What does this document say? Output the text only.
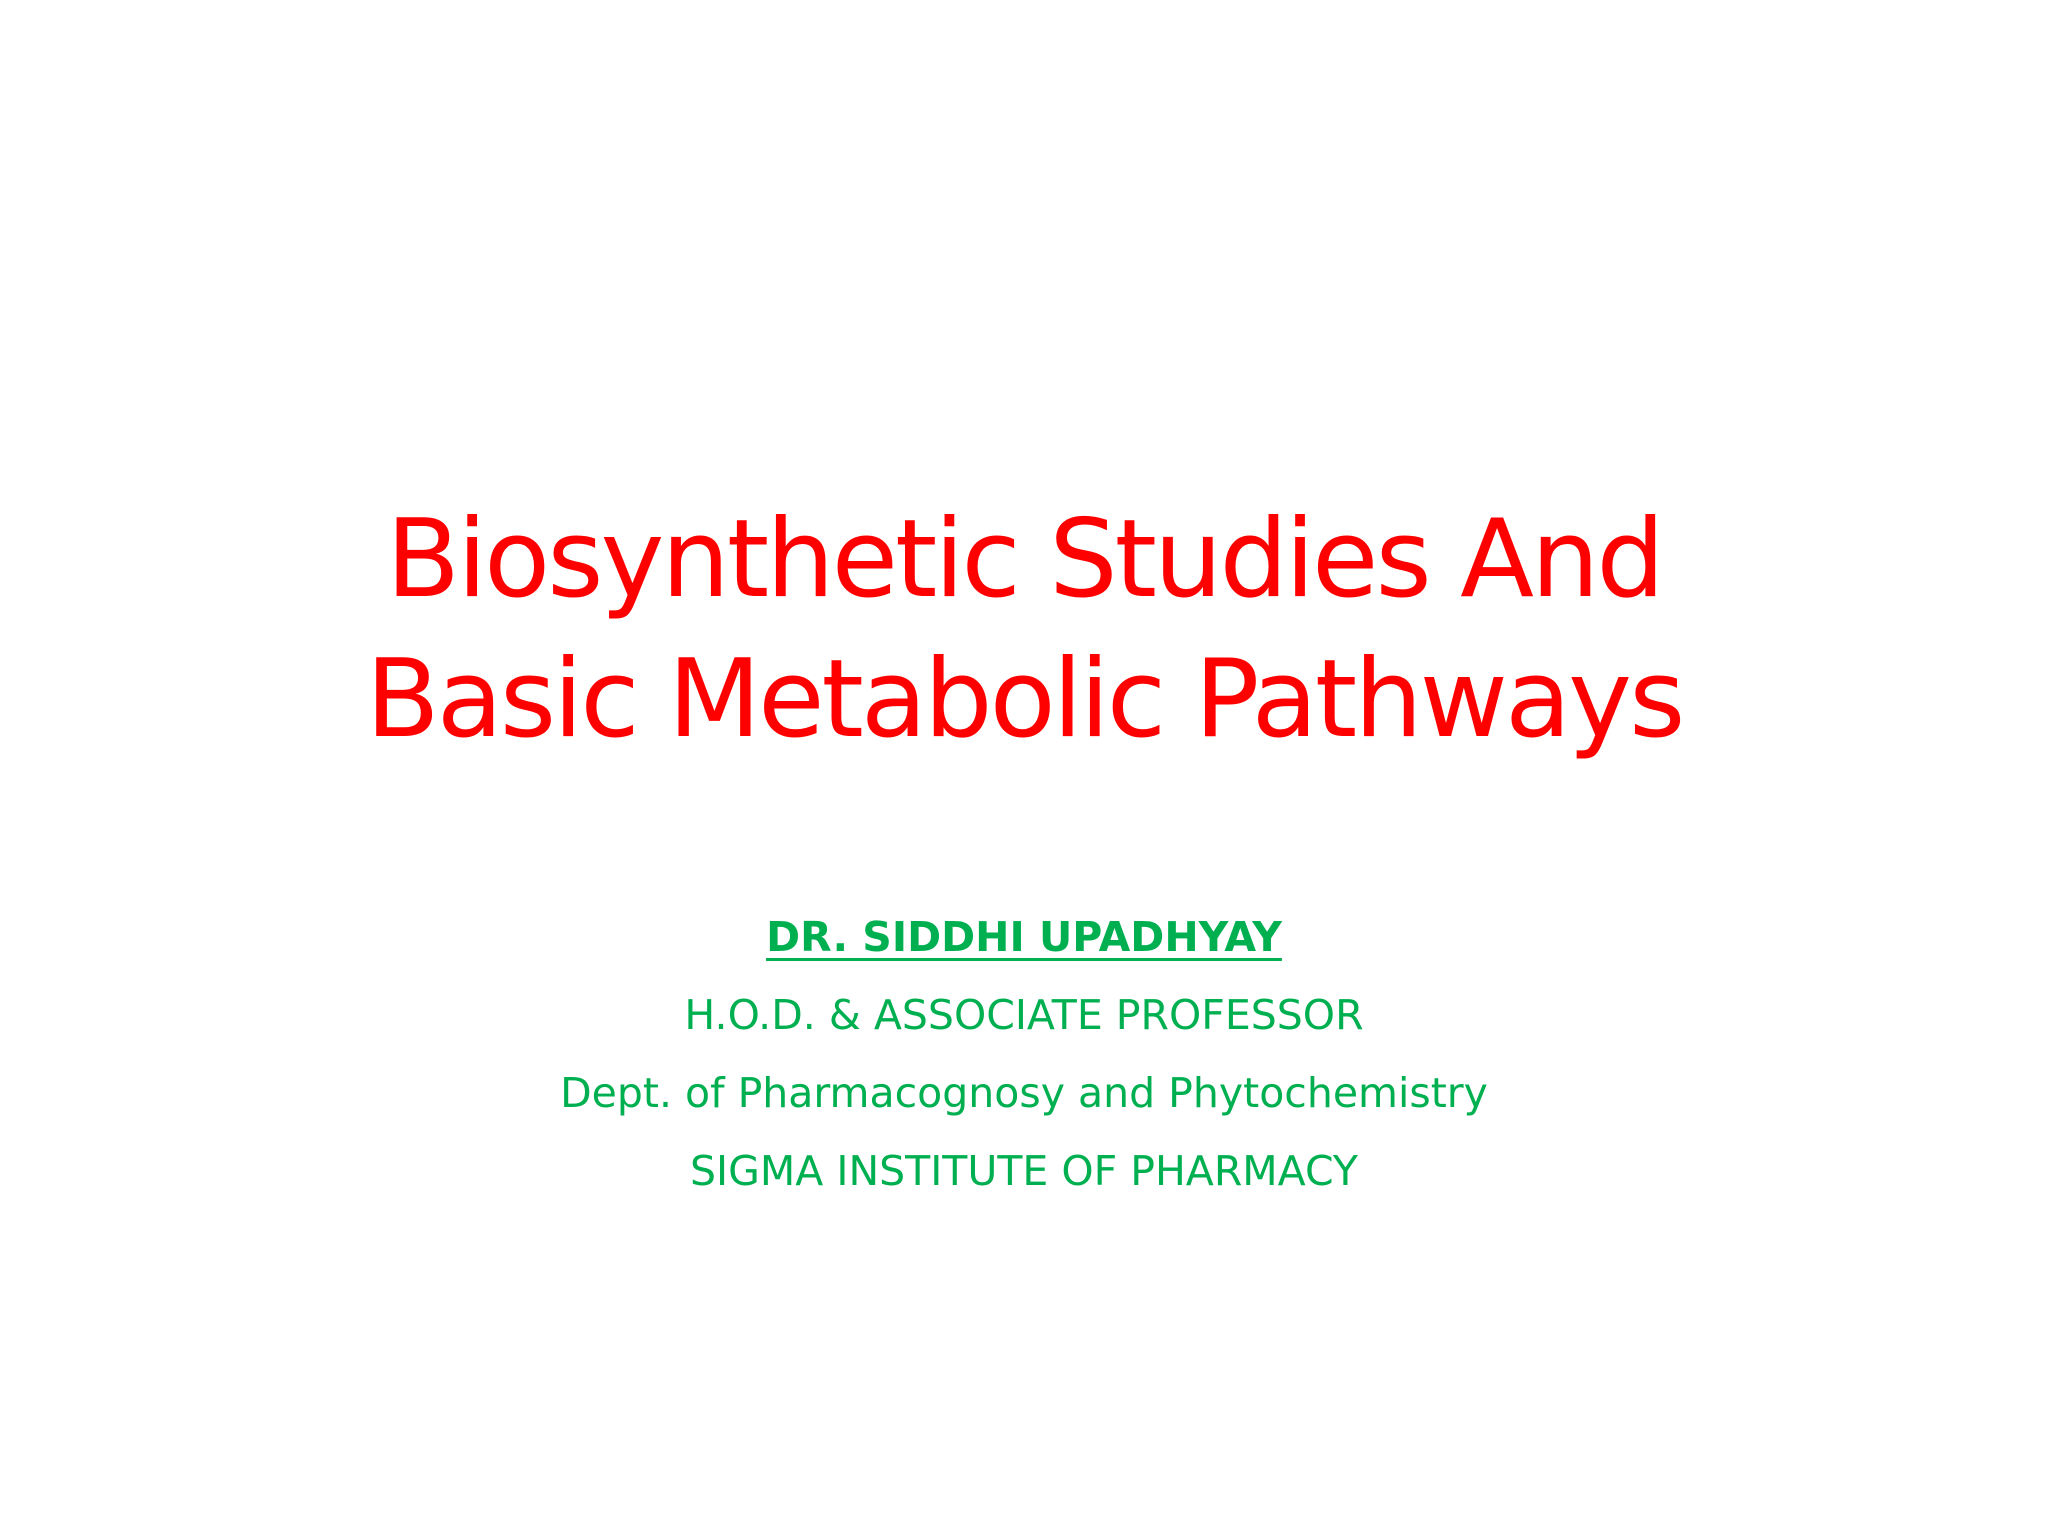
Biosynthetic Studies And
Basic Metabolic Pathways
DR. SIDDHI UPADHYAY
H.O.D. & ASSOCIATE PROFESSOR
Dept. of Pharmacognosy and Phytochemistry
SIGMA INSTITUTE OF PHARMACY
